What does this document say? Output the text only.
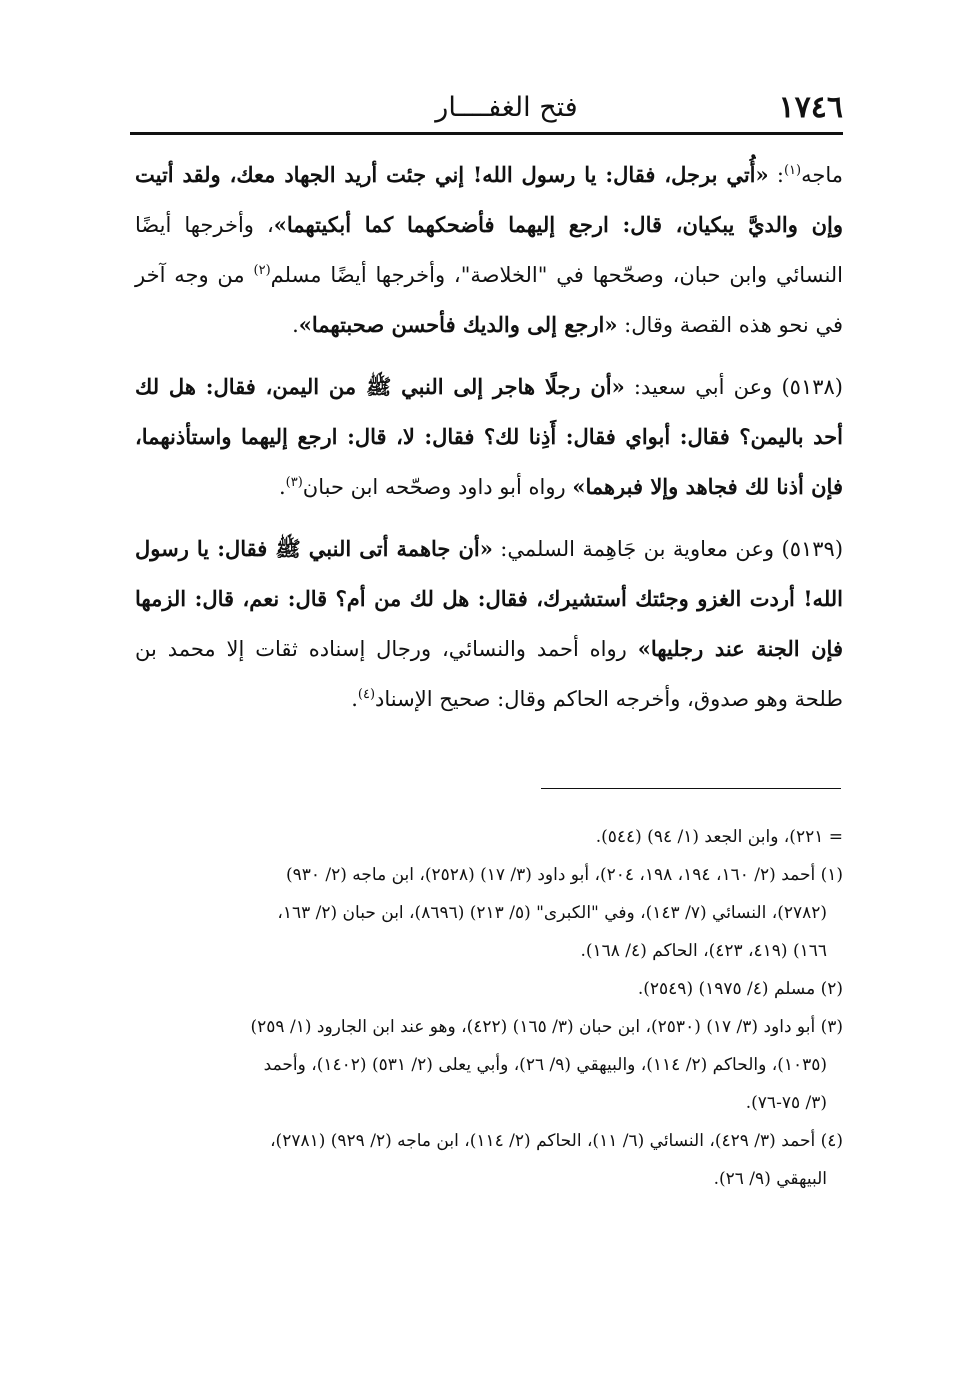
١٧٤٦
فتح الغفــــار

ماجه$^{(١)}$: «أُتي برجل، فقال: يا رسول الله! إني جئت أريد الجهاد معك، ولقد أتيت وإن والديَّ يبكيان، قال: ارجع إليهما فأضحكهما كما أبكيتهما»، وأخرجها أيضًا النسائي وابن حبان، وصحّحها في "الخلاصة"، وأخرجها أيضًا مسلم$^{(٢)}$ من وجه آخر في نحو هذه القصة وقال: «ارجع إلى والديك فأحسن صحبتهما».

(٥١٣٨) وعن أبي سعيد: «أن رجلًا هاجر إلى النبي ﷺ من اليمن، فقال: هل لك أحد باليمن؟ فقال: أبواي فقال: أَذِنا لك؟ فقال: لا، قال: ارجع إليهما واستأذنهما، فإن أذنا لك فجاهد وإلا فبرهما» رواه أبو داود وصحّحه ابن حبان$^{(٣)}$.

(٥١٣٩) وعن معاوية بن جَاهِمة السلمي: «أن جاهمة أتى النبي ﷺ فقال: يا رسول الله! أردت الغزو وجئتك أستشيرك، فقال: هل لك من أم؟ قال: نعم، قال: الزمها فإن الجنة عند رجليها» رواه أحمد والنسائي، ورجال إسناده ثقات إلا محمد بن طلحة وهو صدوق، وأخرجه الحاكم وقال: صحيح الإسناد$^{(٤)}$.

= ٢٢١)، وابن الجعد (١/ ٩٤) (٥٤٤).

(١) أحمد (٢/ ١٦٠، ١٩٤، ١٩٨، ٢٠٤)، أبو داود (٣/ ١٧) (٢٥٢٨)، ابن ماجه (٢/ ٩٣٠)

(٢٧٨٢)، النسائي (٧/ ١٤٣)، وفي "الكبرى" (٥/ ٢١٣) (٨٦٩٦)، ابن حبان (٢/ ١٦٣،

١٦٦) (٤١٩، ٤٢٣)، الحاكم (٤/ ١٦٨).

(٢) مسلم (٤/ ١٩٧٥) (٢٥٤٩).

(٣) أبو داود (٣/ ١٧) (٢٥٣٠)، ابن حبان (٣/ ١٦٥) (٤٢٢)، وهو عند ابن الجارود (١/ ٢٥٩)

(١٠٣٥)، والحاكم (٢/ ١١٤)، والبيهقي (٩/ ٢٦)، وأبي يعلى (٢/ ٥٣١) (١٤٠٢)، وأحمد

(٣/ ٧٥-٧٦).

(٤) أحمد (٣/ ٤٢٩)، النسائي (٦/ ١١)، الحاكم (٢/ ١١٤)، ابن ماجه (٢/ ٩٢٩) (٢٧٨١)،

البيهقي (٩/ ٢٦).
